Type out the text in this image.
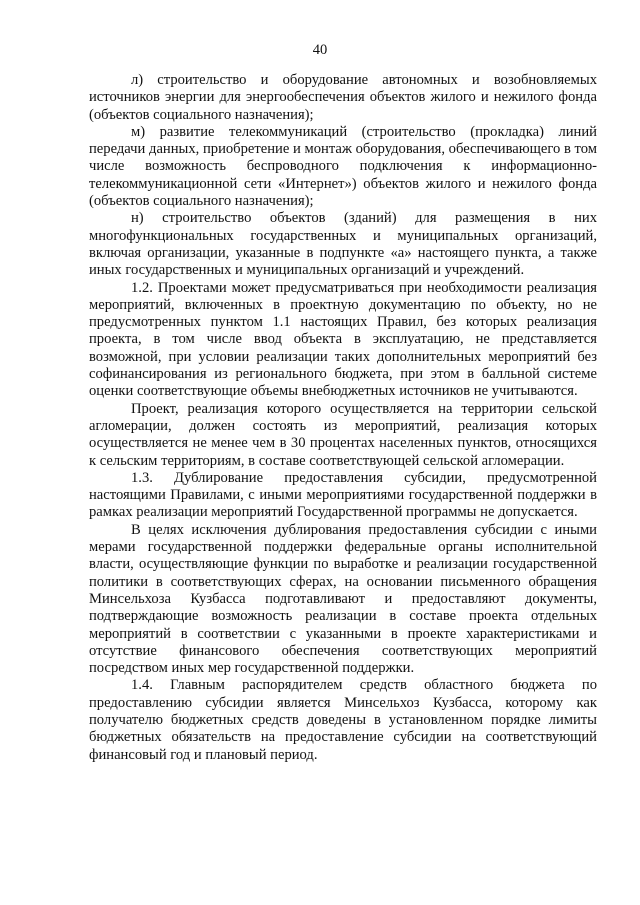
40

л) строительство и оборудование автономных и возобновляемых источников энергии для энергообеспечения объектов жилого и нежилого фонда (объектов социального назначения);

м) развитие телекоммуникаций (строительство (прокладка) линий передачи данных, приобретение и монтаж оборудования, обеспечивающего в том числе возможность беспроводного подключения к информационно-телекоммуникационной сети «Интернет») объектов жилого и нежилого фонда (объектов социального назначения);

н) строительство объектов (зданий) для размещения в них многофункциональных государственных и муниципальных организаций, включая организации, указанные в подпункте «а» настоящего пункта, а также иных государственных и муниципальных организаций и учреждений.

1.2. Проектами может предусматриваться при необходимости реализация мероприятий, включенных в проектную документацию по объекту, но не предусмотренных пунктом 1.1 настоящих Правил, без которых реализация проекта, в том числе ввод объекта в эксплуатацию, не представляется возможной, при условии реализации таких дополнительных мероприятий без софинансирования из регионального бюджета, при этом в балльной системе оценки соответствующие объемы внебюджетных источников не учитываются.

Проект, реализация которого осуществляется на территории сельской агломерации, должен состоять из мероприятий, реализация которых осуществляется не менее чем в 30 процентах населенных пунктов, относящихся к сельским территориям, в составе соответствующей сельской агломерации.

1.3. Дублирование предоставления субсидии, предусмотренной настоящими Правилами, с иными мероприятиями государственной поддержки в рамках реализации мероприятий Государственной программы не допускается.

В целях исключения дублирования предоставления субсидии с иными мерами государственной поддержки федеральные органы исполнительной власти, осуществляющие функции по выработке и реализации государственной политики в соответствующих сферах, на основании письменного обращения Минсельхоза Кузбасса подготавливают и предоставляют документы, подтверждающие возможность реализации в составе проекта отдельных мероприятий в соответствии с указанными в проекте характеристиками и отсутствие финансового обеспечения соответствующих мероприятий посредством иных мер государственной поддержки.

1.4. Главным распорядителем средств областного бюджета по предоставлению субсидии является Минсельхоз Кузбасса, которому как получателю бюджетных средств доведены в установленном порядке лимиты бюджетных обязательств на предоставление субсидии на соответствующий финансовый год и плановый период.
